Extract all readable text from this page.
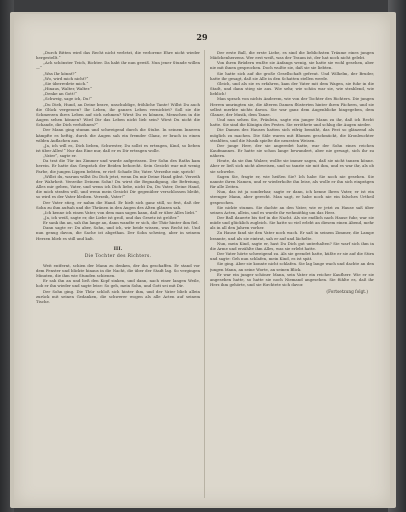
29

„Durch Bitten wird das Recht nicht verletzt, die verlorene Ehre nicht wieder hergestellt.“

„Ach schönster Teich, Richter. Da habt ihr nun gewiß. Nun jener Stunde willen —“

„Was Ihr könnt?“

„Wo, wird mich nicht?“

„Sie überredete mich.“

„Hinaus, Walter, Walter.“

„Denke an Gott!“

„Schweig, sage ich, Du!“

„Du Dieb, Hund, an Deine brave, unschuldige, fröhliche Tante! Willst Du auch die Glück vergessen? Ihr Leben, ihr ganzes Leben vernichtet? Soll sie die Schmerzen ihres Leben auf sich nehmen? Wirst Du es können, Menschen in die Augen sehen können? Wird Dir das Leben nicht lieb sein? Wirst Du nicht die Schande, die Dich verhöhnen?“

Der Mann ging stumm und schweigend durch die Stube. In seinem Inneren kämpfte es heftig, durch die Augen sah ein fremder Glanz, er brach in einen wilden Auflachen aus.

„Ja, ich will es, Dich lieben, Schwester, Du sollst es ertragen, Kind, so lieben ist über Alles!“ Nur das Eine nur, daß er es Dir ertragen wolle.

„Vater“, sagte er.

Da trat die Tür ins Zimmer und wurde aufgerissen. Der Sohn des Raths kam herein. Er hatte das Gespräch der Beiden behorcht. Sein Gesicht war mit wenig Farbe, die jungen Lippen bebten, er rief: Schade Dir, Vater. Verzeihe mir, sprich!

„Willst du, warum willst Du Dich jetzt, wenn Du mir Deine Hand gibst. Verzeih der Wahrheit. Verzeihe Deinem Sohn! Du wirst die Begnadigung, die Befreiung, Alles mir geben, Vater, und wenn ich Dich liebe, nicht Du, Du Vater, Deine Hand, die mich strafen will, und wenn mein Gesicht Dir gegenüber verschlossen bleibt, so wird es der Vater bleiben. Verzeih, Vater!“

Der Vater stieg, er nahm die Hand. Er hielt sich ganz still, so fest, daß der Sohn zu ihm aufsah und die Thränen in den Augen des Alten glänzen sah.

„Ich kenne ich einen Vater, von dem man sagen kann, daß er über Alles liebt.“

„Ja, ich weiß, sagte er, die Liebe ist groß, und das Gesetz ist größer.“

Er sank ihn an, sah ihn lange an, dann wandte er sich, die Thür hinter ihm fiel.

Dann sagte er: Du aber, Sohn, und ich, wir beide wissen, was Recht ist. Und nun genug davon, die Sache ist abgethan. Der Sohn schwieg, aber in seinem Herzen blieb es still und kalt.

III.
Die Tochter des Richters.

Weit entfernt, schien der Mann zu denken, der ihn geschaffen. Er stand vor dem Fenster und blickte hinaus in die Nacht, die über der Stadt lag. So vergingen Minuten, die ihm wie Stunden schienen.

Er sah ihn an und ließ den Kopf sinken, und dann, nach einer langen Weile, hob er ihn wieder und sagte leise: So geh, mein Sohn, und Gott sei mit Dir.

Der Sohn ging. Die Thür schloß sich hinter ihm, und der Vater blieb allein zurück mit seinen Gedanken, die schwerer wogen als alle Acten auf seinem Tische.

Der erste Ball, die erste Liebe, es sind die lieblichsten Träume eines jungen Mädchenherzens. Wer erst weiß, was der Traum ist, der hat noch nicht gelebt.

Von ihren Brüdern wußte sie Anfangs wenig, sie hatte sie wohl gesehen, aber nie mit ihnen gesprochen. Doch wußte sie, daß sie sie liebten.

Sie hatte sich auf die große Gesellschaft gefreut. Und Wilhelm, der Bruder, hatte ihr gesagt, daß sie Alle in den Schatten stellen werde.

Gleich, und als sie es erfahren, kam der Vater mit dem Wagen, sie fuhr in die Stadt, und dann stieg sie aus. Wie sehr, wie schön war sie, wie strahlend, wie lieblich!

Man sprach von nichts Anderem, wie von der Tochter des Richters. Die jungen Herren umringten sie, die älteren Damen flüsterten hinter ihren Fächern, und sie selbst merkte nichts davon. Sie war ganz dem Augenblicke hingegeben, dem Glanze, der Musik, dem Tanze.

Und nun sehen Sie, Fräulein, sagte ein junger Mann zu ihr, daß ich Recht hatte. Sie sind die Königin des Festes. Sie erröthete und schlug die Augen nieder.

Die Damen des Hauses hatten sich eifrig bemüht, das Fest so glänzend als möglich zu machen. Die Säle waren mit Blumen geschmückt, die Kronleuchter strahlten, und die Musik spielte die neuesten Weisen.

Der junge Herr, der sie angeredet hatte, war der Sohn eines reichen Kaufmannes. Er hatte sie schon lange bewundert, aber nie gewagt, sich ihr zu nähern.

Heute, da sie ihm Walzer, wollte sie immer sagen, daß sie nicht tanzen könne. Aber er ließ sich nicht abweisen, und so tanzte sie mit ihm, und es war ihr, als ob sie schwebe.

Sagen Sie, fragte er, wie heißen Sie? Ich habe Sie noch nie gesehen. Sie nannte ihren Namen, und er wiederholte ihn leise, als wolle er ihn sich einprägen für alle Zeiten.

Nun, das ist ja sonderbar, sagte er dann, ich kenne Ihren Vater, er ist ein strenger Mann, aber gerecht. Man sagt, er habe noch nie ein falsches Urtheil gesprochen.

Sie nickte stumm. Sie dachte an den Vater, wie er jetzt zu Hause saß über seinen Acten, allein, und es wurde ihr wehmüthig um das Herz.

Der Ball dauerte bis tief in die Nacht. Als sie endlich nach Hause fuhr, war sie müde und glücklich zugleich. Sie hatte so viel erlebt an diesem einen Abend, mehr als in all den Jahren vorher.

Zu Hause fand sie den Vater noch wach. Er saß in seinem Zimmer, die Lampe brannte, und als sie eintrat, sah er auf und lächelte.

Nun, mein Kind, sagte er, hast Du Dich gut unterhalten? Sie warf sich ihm in die Arme und erzählte ihm Alles, was sie erlebt hatte.

Der Vater hörte schweigend zu. Als sie geendet hatte, küßte er sie auf die Stirn und sagte: Geh nun schlafen, mein Kind, es ist spät.

Sie ging. Aber sie konnte nicht schlafen. Sie lag lange wach und dachte an den jungen Mann, an seine Worte, an seinen Blick.

Er war ein junger schöner Mann, sein Vater ein reicher Kaufherr. Wie er sie angesehen hatte, so hatte sie noch Niemand angesehen. Sie fühlte es, daß ihr Herz ihm gehörte, und sie fürchtete sich davor.

(Fortsetzung folgt.)
